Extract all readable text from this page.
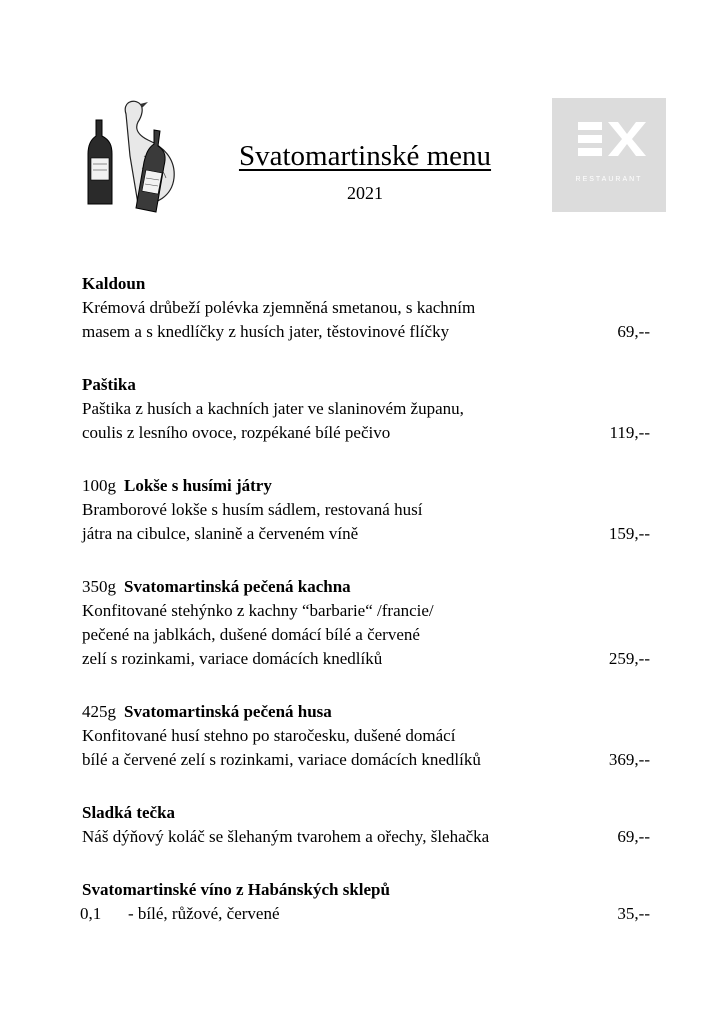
RESTAURANT
Svatomartinské menu
2021
Kaldoun
Krémová drůbeží polévka zjemněná smetanou, s kachním
masem a s knedlíčky z husích jater, těstovinové flíčky	69,--
Paštika
Paštika z husích a kachních jater ve slaninovém županu,
coulis z lesního ovoce, rozpékané bílé pečivo	119,--
100g Lokše s husími játry
Bramborové lokše s husím sádlem, restovaná husí
játra na cibulce, slanině a červeném víně	159,--
350g Svatomartinská pečená kachna
Konfitované stehýnko z kachny “barbarie“ /francie/
pečené na jablkách, dušené domácí bílé a červené
zelí s rozinkami, variace domácích knedlíků	259,--
425g Svatomartinská pečená husa
Konfitované husí stehno po staročesku, dušené domácí
bílé a červené zelí s rozinkami, variace domácích knedlíků	369,--
Sladká tečka
Náš dýňový koláč se šlehaným tvarohem a ořechy, šlehačka	69,--
Svatomartinské víno z Habánských sklepů
0,1 - bílé, růžové, červené	35,--
